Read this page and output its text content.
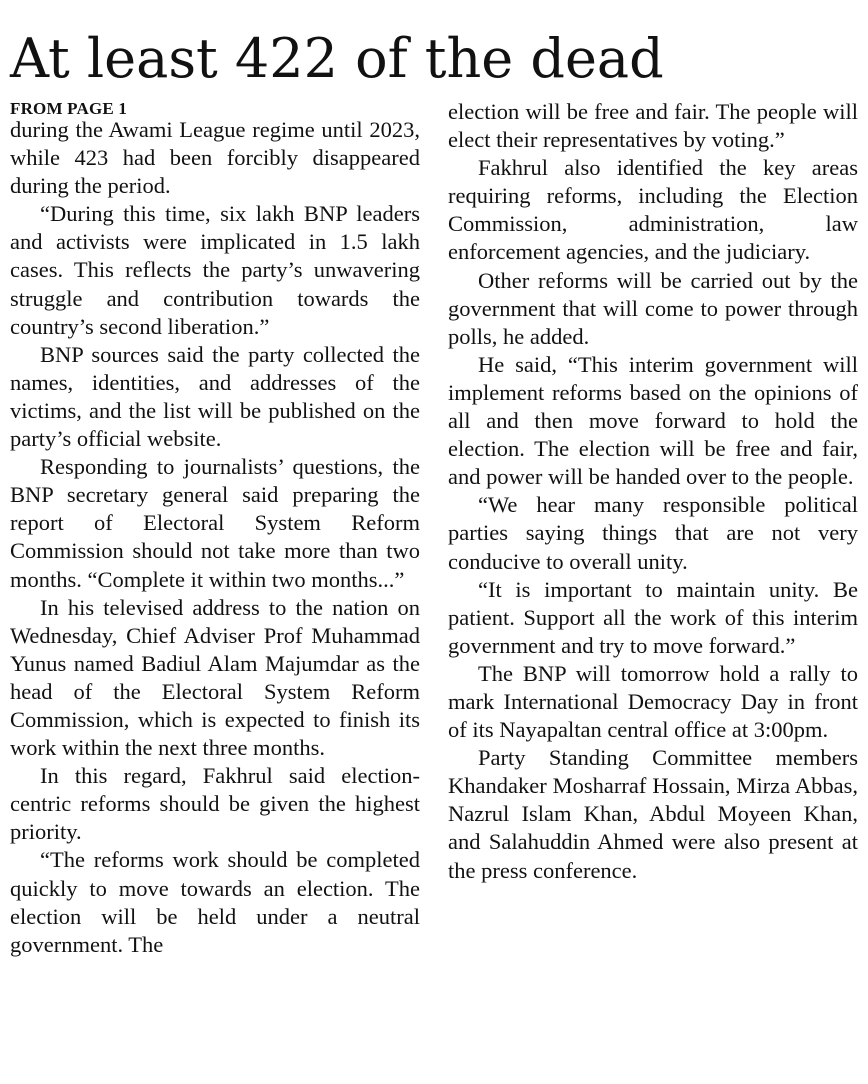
At least 422 of the dead
FROM PAGE 1

during the Awami League regime until 2023, while 423 had been forcibly disappeared during the period.

“During this time, six lakh BNP leaders and activists were implicated in 1.5 lakh cases. This reflects the party’s unwavering struggle and contribution towards the country’s second liberation.”

BNP sources said the party collected the names, identities, and addresses of the victims, and the list will be published on the party’s official website.

Responding to journalists’ questions, the BNP secretary general said preparing the report of Electoral System Reform Commission should not take more than two months. “Complete it within two months...”

In his televised address to the nation on Wednesday, Chief Adviser Prof Muhammad Yunus named Badiul Alam Majumdar as the head of the Electoral System Reform Commission, which is expected to finish its work within the next three months.

In this regard, Fakhrul said election-centric reforms should be given the highest priority.

“The reforms work should be completed quickly to move towards an election. The election will be held under a neutral government. The

election will be free and fair. The people will elect their representatives by voting.”

Fakhrul also identified the key areas requiring reforms, including the Election Commission, administration, law enforcement agencies, and the judiciary.

Other reforms will be carried out by the government that will come to power through polls, he added.

He said, “This interim government will implement reforms based on the opinions of all and then move forward to hold the election. The election will be free and fair, and power will be handed over to the people.

“We hear many responsible political parties saying things that are not very conducive to overall unity.

“It is important to maintain unity. Be patient. Support all the work of this interim government and try to move forward.”

The BNP will tomorrow hold a rally to mark International Democracy Day in front of its Nayapaltan central office at 3:00pm.

Party Standing Committee members Khandaker Mosharraf Hossain, Mirza Abbas, Nazrul Islam Khan, Abdul Moyeen Khan, and Salahuddin Ahmed were also present at the press conference.
